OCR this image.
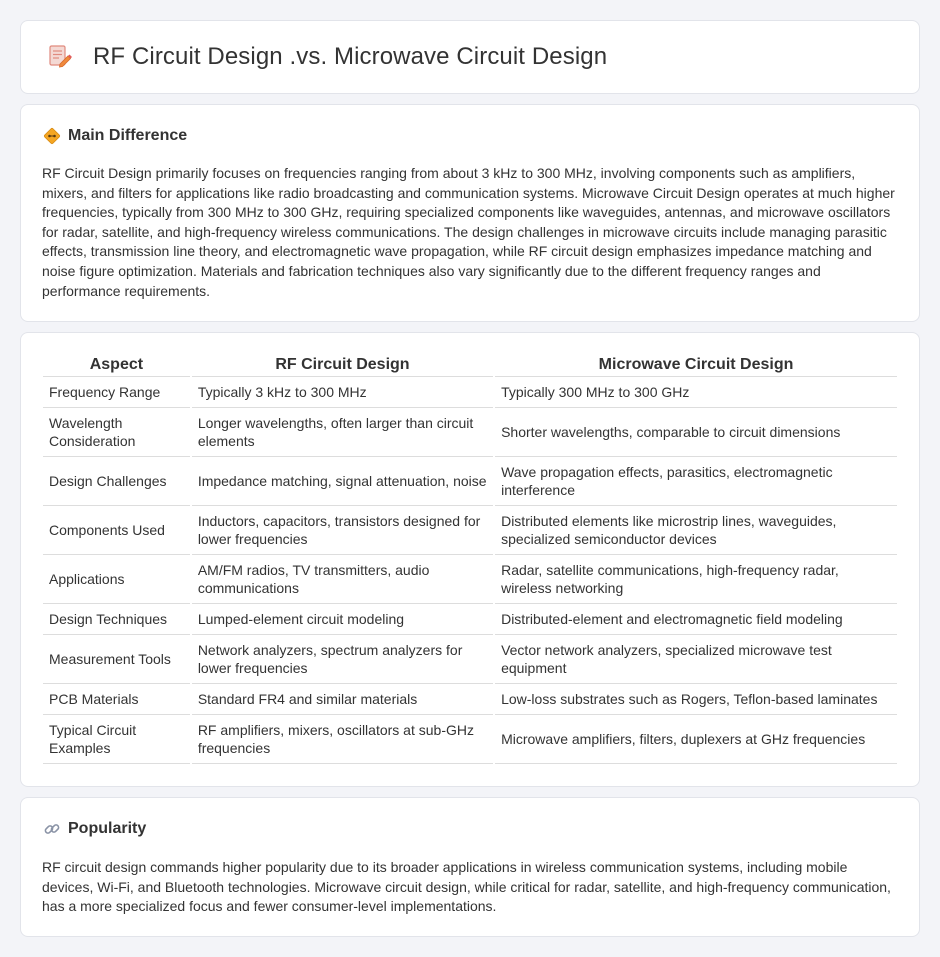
RF Circuit Design .vs. Microwave Circuit Design
Main Difference

RF Circuit Design primarily focuses on frequencies ranging from about 3 kHz to 300 MHz, involving components such as amplifiers, mixers, and filters for applications like radio broadcasting and communication systems. Microwave Circuit Design operates at much higher frequencies, typically from 300 MHz to 300 GHz, requiring specialized components like waveguides, antennas, and microwave oscillators for radar, satellite, and high-frequency wireless communications. The design challenges in microwave circuits include managing parasitic effects, transmission line theory, and electromagnetic wave propagation, while RF circuit design emphasizes impedance matching and noise figure optimization. Materials and fabrication techniques also vary significantly due to the different frequency ranges and performance requirements.

Aspect	RF Circuit Design	Microwave Circuit Design
Frequency Range	Typically 3 kHz to 300 MHz	Typically 300 MHz to 300 GHz
Wavelength Consideration	Longer wavelengths, often larger than circuit elements	Shorter wavelengths, comparable to circuit dimensions
Design Challenges	Impedance matching, signal attenuation, noise	Wave propagation effects, parasitics, electromagnetic interference
Components Used	Inductors, capacitors, transistors designed for lower frequencies	Distributed elements like microstrip lines, waveguides, specialized semiconductor devices
Applications	AM/FM radios, TV transmitters, audio communications	Radar, satellite communications, high-frequency radar, wireless networking
Design Techniques	Lumped-element circuit modeling	Distributed-element and electromagnetic field modeling
Measurement Tools	Network analyzers, spectrum analyzers for lower frequencies	Vector network analyzers, specialized microwave test equipment
PCB Materials	Standard FR4 and similar materials	Low-loss substrates such as Rogers, Teflon-based laminates
Typical Circuit Examples	RF amplifiers, mixers, oscillators at sub-GHz frequencies	Microwave amplifiers, filters, duplexers at GHz frequencies
Popularity

RF circuit design commands higher popularity due to its broader applications in wireless communication systems, including mobile devices, Wi-Fi, and Bluetooth technologies. Microwave circuit design, while critical for radar, satellite, and high-frequency communication, has a more specialized focus and fewer consumer-level implementations.
